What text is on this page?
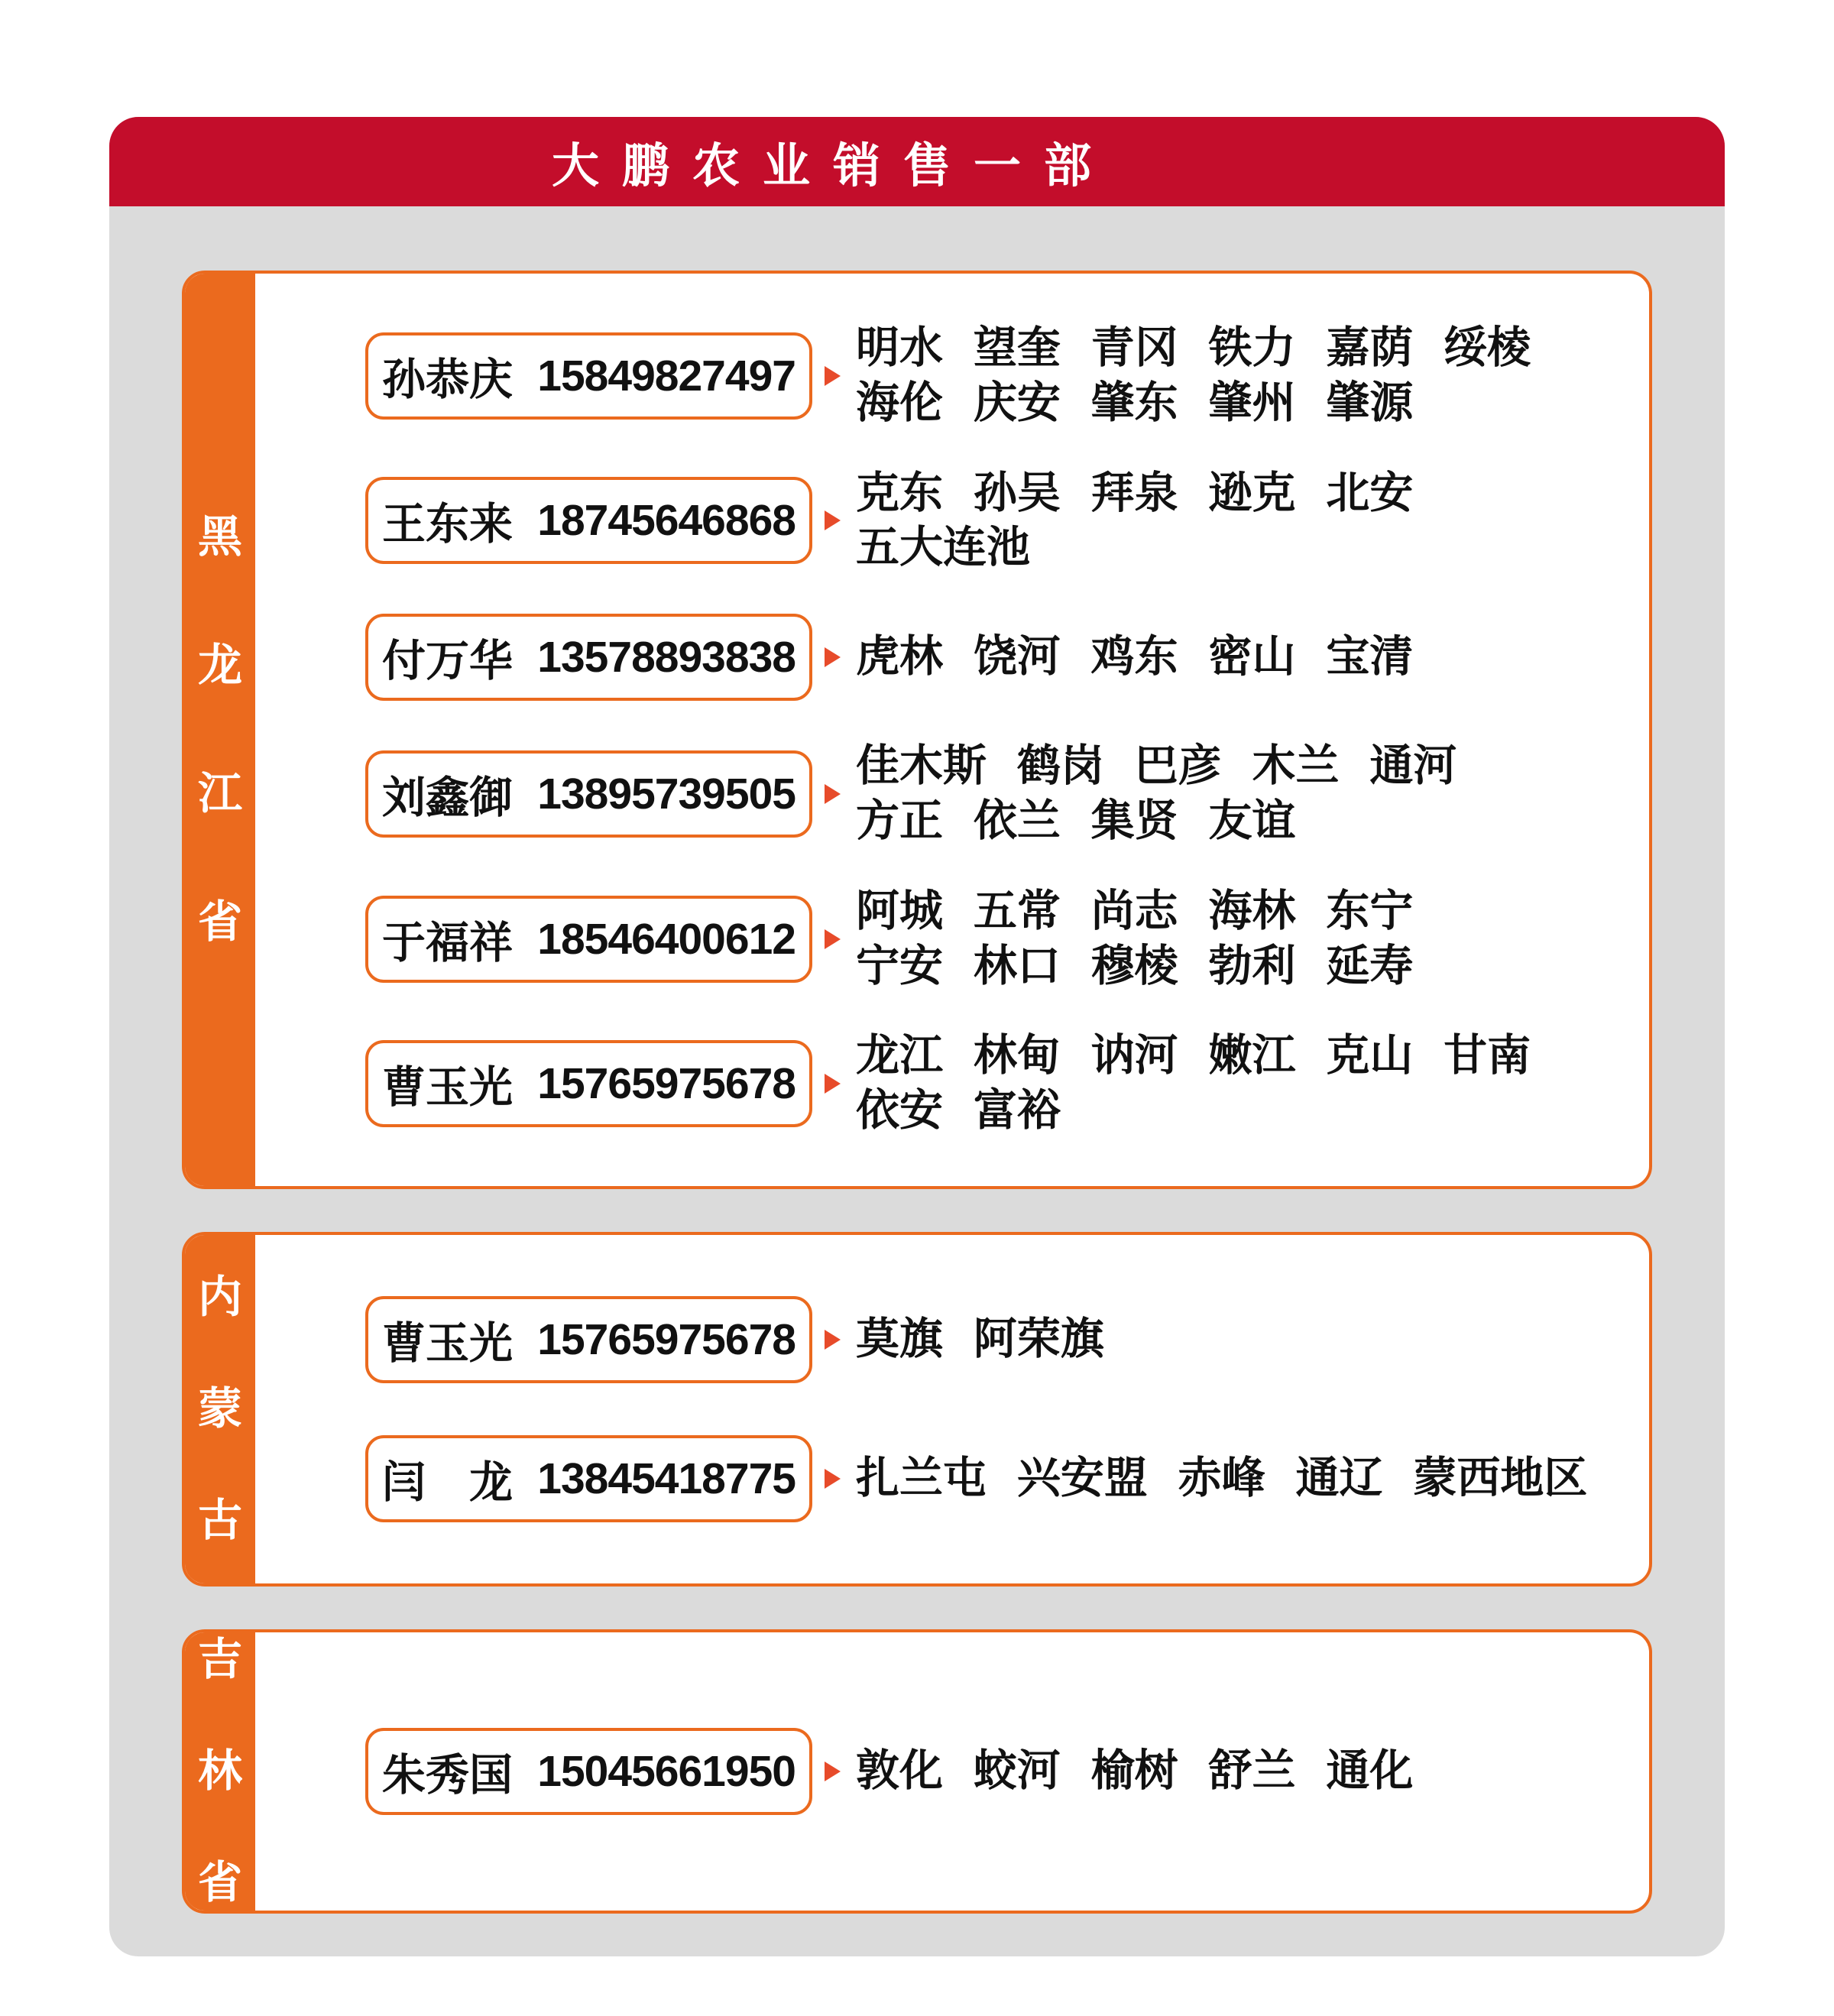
大鹏农业销售一部
黑
龙
江
省
孙恭庆 15849827497
明水 望奎 青冈 铁力 嘉荫 绥棱
海伦 庆安 肇东 肇州 肇源
王东来 18745646868
克东 孙吴 拜泉 逊克 北安
五大连池
付万华 13578893838 虎林 饶河 鸡东 密山 宝清
刘鑫御 13895739505
佳木斯 鹤岗 巴彦 木兰 通河
方正 依兰 集贤 友谊
于福祥 18546400612
阿城 五常 尚志 海林 东宁
宁安 林口 穆棱 勃利 延寿
曹玉光 15765975678
龙江 林甸 讷河 嫩江 克山 甘南
依安 富裕
内
蒙
古
曹玉光 15765975678 莫旗 阿荣旗
闫　龙 13845418775 扎兰屯 兴安盟 赤峰 通辽 蒙西地区
吉
林
省
朱秀国 15045661950 敦化 蛟河 榆树 舒兰 通化
